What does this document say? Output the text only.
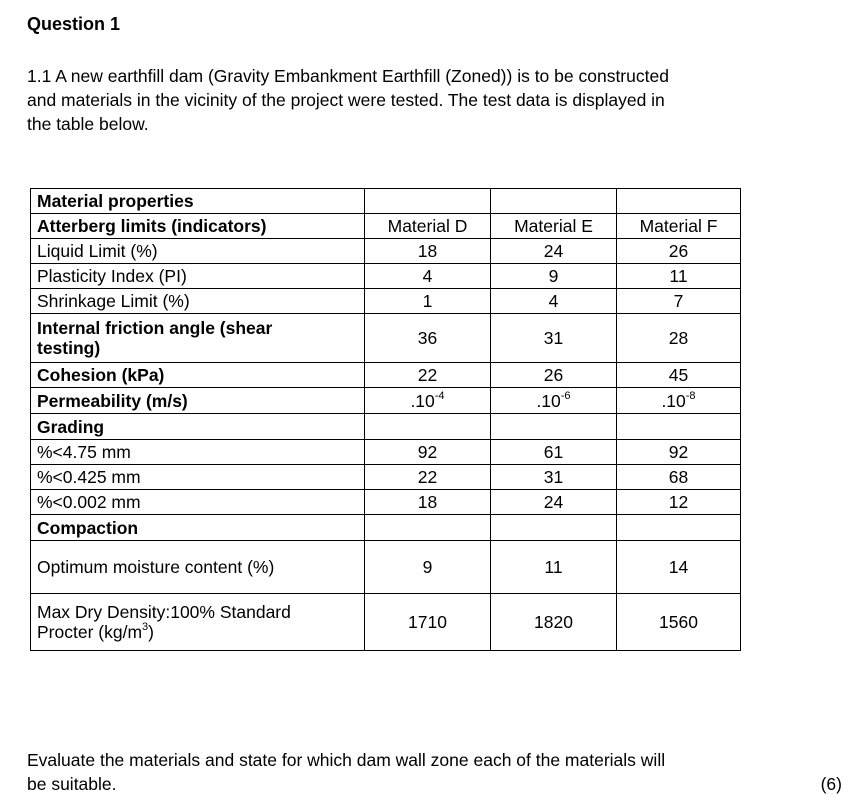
Question 1

1.1 A new earthfill dam (Gravity Embankment Earthfill (Zoned)) is to be constructed

and materials in the vicinity of the project were tested. The test data is displayed in

the table below.

Material properties			
Atterberg limits (indicators)	Material D	Material E	Material F
Liquid Limit (%)	18	24	26
Plasticity Index (PI)	4	9	11
Shrinkage Limit (%)	1	4	7
Internal friction angle (shear
testing)	36	31	28
Cohesion (kPa)	22	26	45
Permeability (m/s)	$.10^{-4}$	$.10^{-6}$	$.10^{-8}$
Grading			
%<4.75 mm	92	61	92
%<0.425 mm	22	31	68
%<0.002 mm	18	24	12
Compaction			
Optimum moisture content (%)	9	11	14
Max Dry Density:100% Standard
Procter $(kg/m^3)$	1710	1820	1560
Evaluate the materials and state for which dam wall zone each of the materials will
be suitable.	(6)
